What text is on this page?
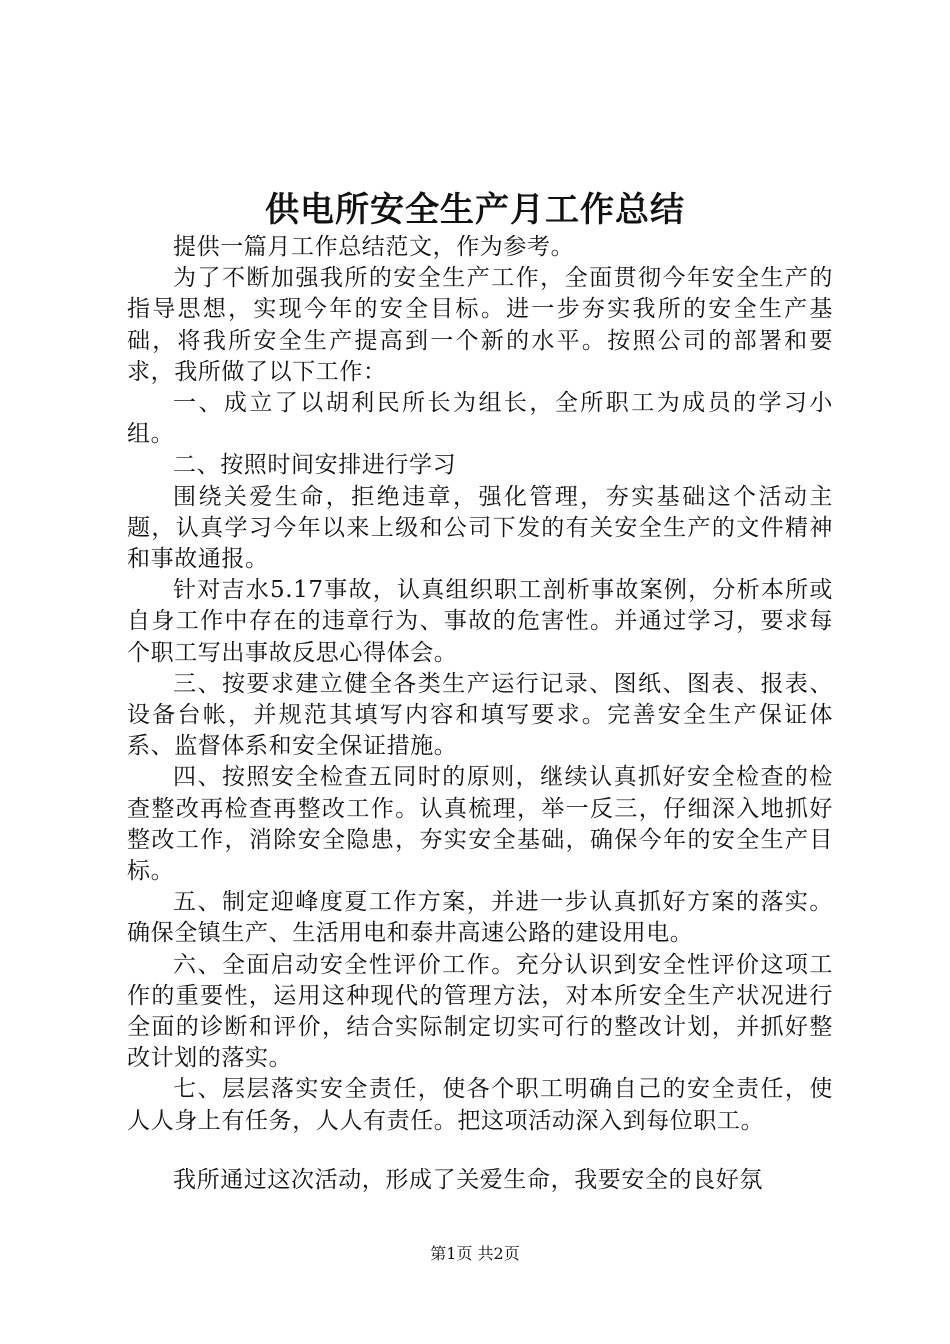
供电所安全生产月工作总结

提供一篇月工作总结范文，作为参考。

为了不断加强我所的安全生产工作，全面贯彻今年安全生产的指导思想，实现今年的安全目标。进一步夯实我所的安全生产基础，将我所安全生产提高到一个新的水平。按照公司的部署和要求，我所做了以下工作：

一、成立了以胡利民所长为组长，全所职工为成员的学习小组。

二、按照时间安排进行学习

围绕关爱生命，拒绝违章，强化管理，夯实基础这个活动主题，认真学习今年以来上级和公司下发的有关安全生产的文件精神和事故通报。

针对吉水5.17事故，认真组织职工剖析事故案例，分析本所或自身工作中存在的违章行为、事故的危害性。并通过学习，要求每个职工写出事故反思心得体会。

三、按要求建立健全各类生产运行记录、图纸、图表、报表、设备台帐，并规范其填写内容和填写要求。完善安全生产保证体系、监督体系和安全保证措施。

四、按照安全检查五同时的原则，继续认真抓好安全检查的检查整改再检查再整改工作。认真梳理，举一反三，仔细深入地抓好整改工作，消除安全隐患，夯实安全基础，确保今年的安全生产目标。

五、制定迎峰度夏工作方案，并进一步认真抓好方案的落实。确保全镇生产、生活用电和泰井高速公路的建设用电。

六、全面启动安全性评价工作。充分认识到安全性评价这项工作的重要性，运用这种现代的管理方法，对本所安全生产状况进行全面的诊断和评价，结合实际制定切实可行的整改计划，并抓好整改计划的落实。

七、层层落实安全责任，使各个职工明确自己的安全责任，使人人身上有任务，人人有责任。把这项活动深入到每位职工。

我所通过这次活动，形成了关爱生命，我要安全的良好氛

第1页 共2页
